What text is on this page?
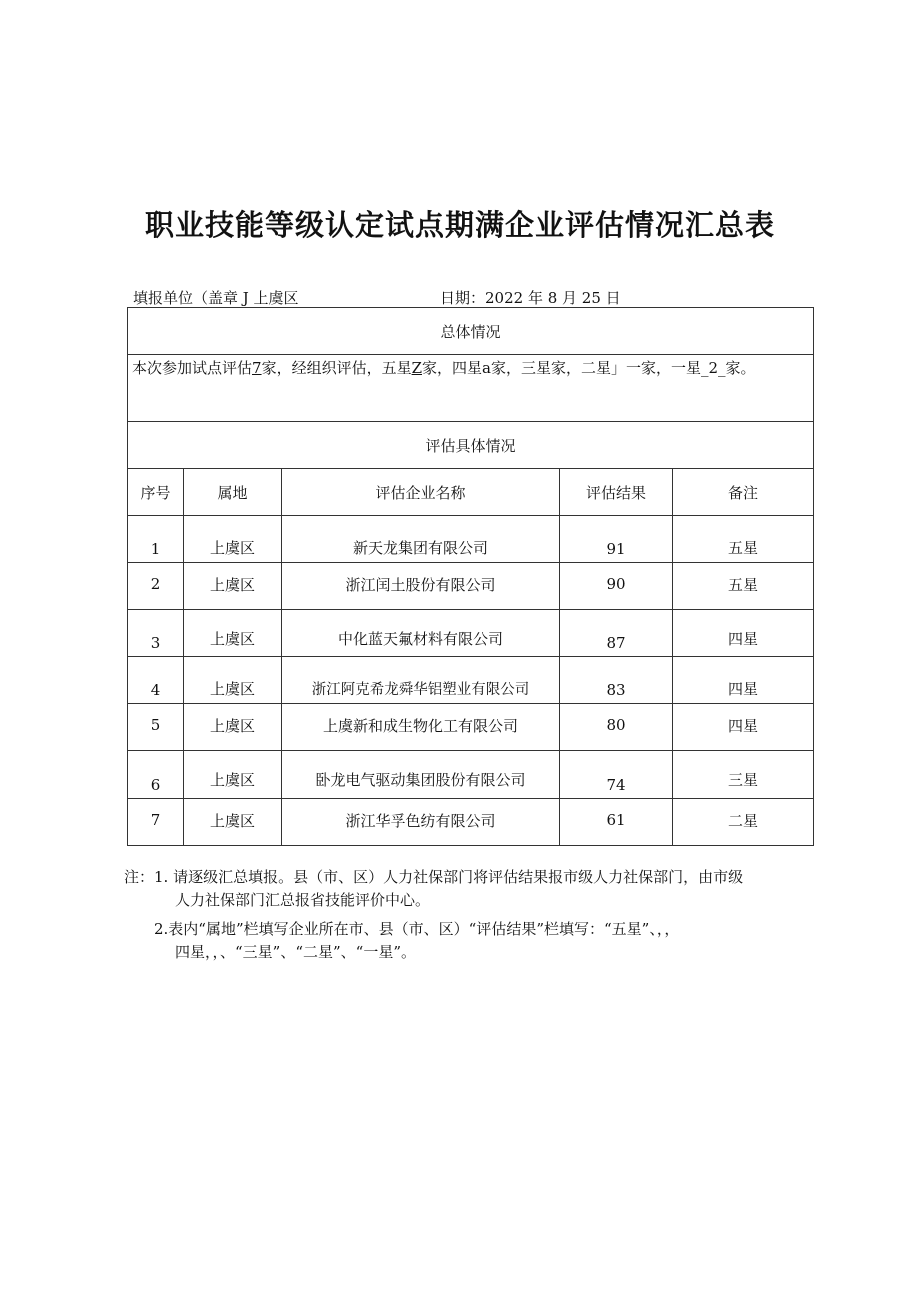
职业技能等级认定试点期满企业评估情况汇总表
填报单位（盖章 J 上虞区	日期：2022 年 8 月 25 日
总体情况				
本次参加试点评估7家，经组织评估，五星Z家，四星a家，三星家，二星」一家，一星_2_家。				
评估具体情况				
序号	属地	评估企业名称	评估结果	备注
1	上虞区	新天龙集团有限公司	91	五星
2	上虞区	浙江闰土股份有限公司	90	五星
3	上虞区	中化蓝天氟材料有限公司	87	四星
4	上虞区	浙江阿克希龙舜华铝塑业有限公司	83	四星
5	上虞区	上虞新和成生物化工有限公司	80	四星
6	上虞区	卧龙电气驱动集团股份有限公司	74	三星
7	上虞区	浙江华孚色纺有限公司	61	二星

注：1. 请逐级汇总填报。县（市、区）人力社保部门将评估结果报市级人力社保部门，由市级

人力社保部门汇总报省技能评价中心。

2.表内“属地”栏填写企业所在市、县（市、区）“评估结果”栏填写：“五星”、，，

四星，，、“三星”、“二星”、“一星”。
